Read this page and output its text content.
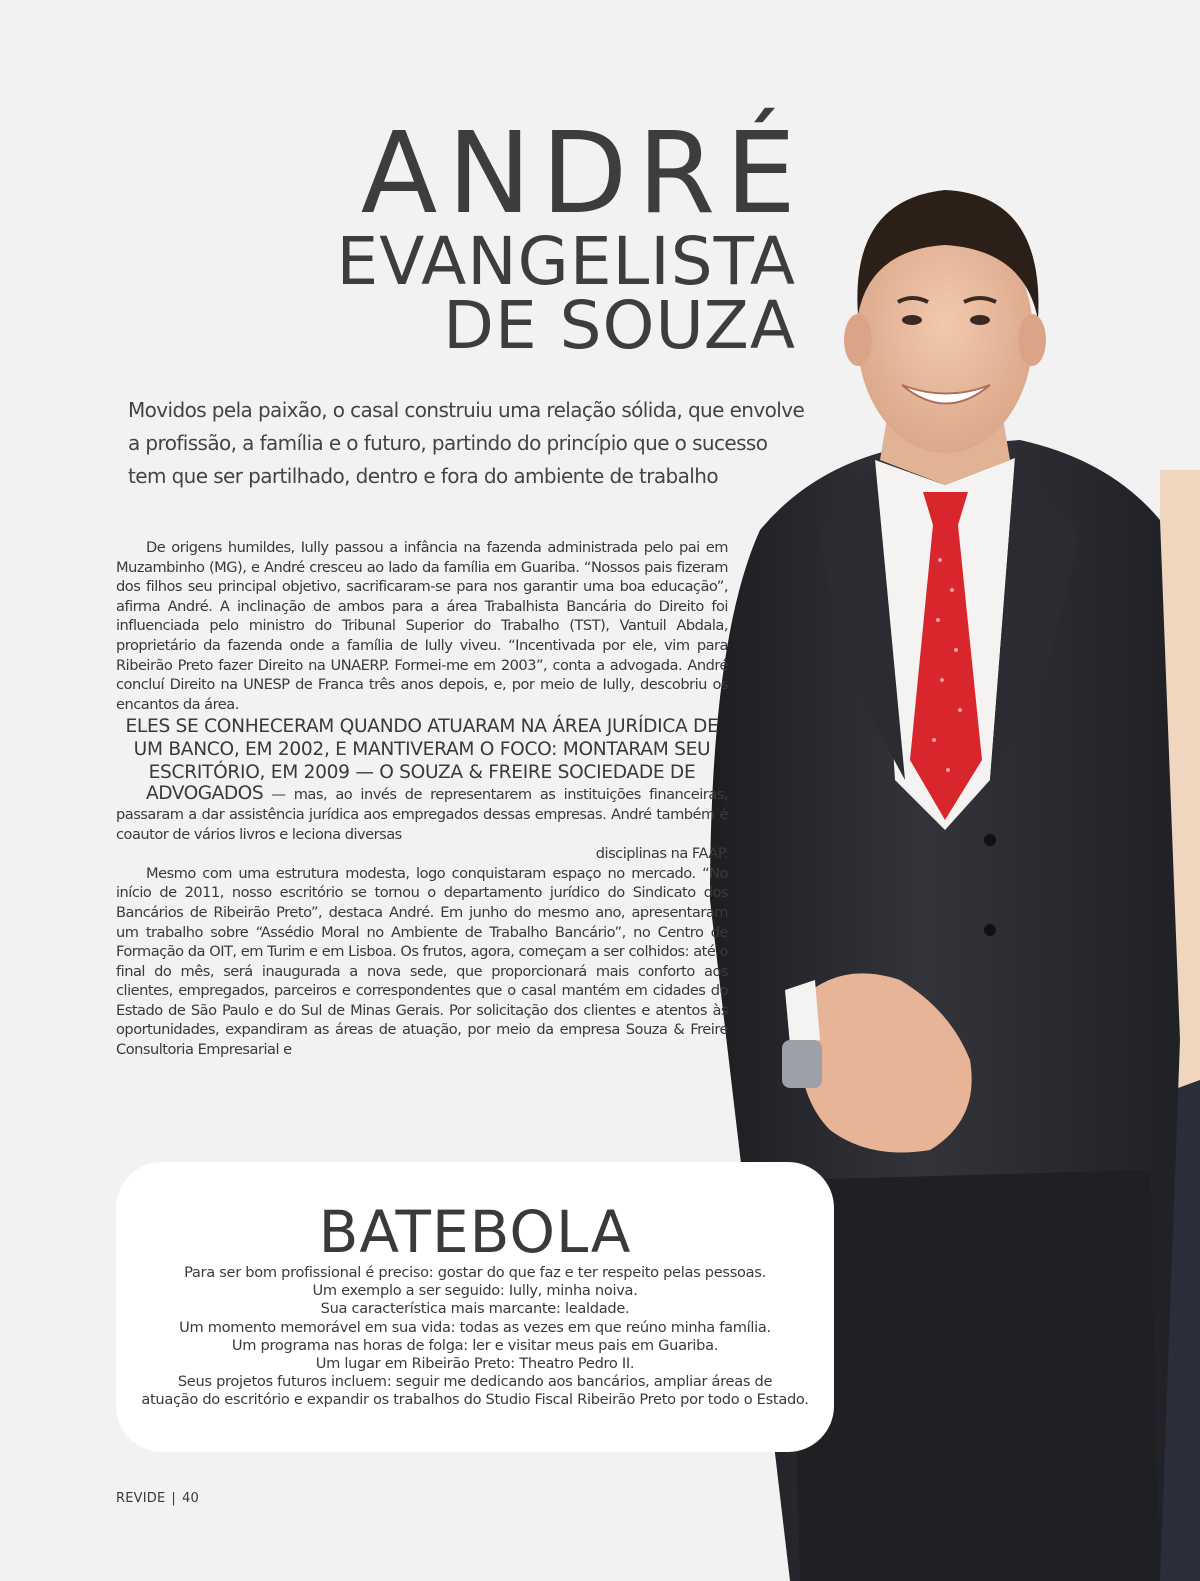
ANDRÉ
EVANGELISTA
DE SOUZA
Movidos pela paixão, o casal construiu uma relação sólida, que envolve
a profissão, a família e o futuro, partindo do princípio que o sucesso
tem que ser partilhado, dentro e fora do ambiente de trabalho

De origens humildes, Iully passou a infância na fazenda administrada pelo pai em Muzambinho (MG), e André cresceu ao lado da família em Guariba. “Nossos pais fizeram dos filhos seu principal objetivo, sacrificaram-se para nos garantir uma boa educação”, afirma André. A inclinação de ambos para a área Trabalhista Bancária do Direito foi influenciada pelo ministro do Tribunal Superior do Trabalho (TST), Vantuil Abdala, proprietário da fazenda onde a família de Iully viveu. “Incentivada por ele, vim para Ribeirão Preto fazer Direito na UNAERP. Formei-me em 2003”, conta a advogada. André concluí Direito na UNESP de Franca três anos depois, e, por meio de Iully, descobriu os encantos da área.

ELES SE CONHECERAM QUANDO ATUARAM NA ÁREA JURÍDICA DE UM BANCO, EM 2002, E MANTIVERAM O FOCO: MONTARAM SEU ESCRITÓRIO, EM 2009 — O SOUZA & FREIRE SOCIEDADE DE

ADVOGADOS — mas, ao invés de representarem as instituições financeiras, passaram a dar assistência jurídica aos empregados dessas empresas. André também é coautor de vários livros e leciona diversas
disciplinas na FAAP.

Mesmo com uma estrutura modesta, logo conquistaram espaço no mercado. “No início de 2011, nosso escritório se tornou o departamento jurídico do Sindicato dos Bancários de Ribeirão Preto”, destaca André. Em junho do mesmo ano, apresentaram um trabalho sobre “Assédio Moral no Ambiente de Trabalho Bancário”, no Centro de Formação da OIT, em Turim e em Lisboa. Os frutos, agora, começam a ser colhidos: até o final do mês, será inaugurada a nova sede, que proporcionará mais conforto aos clientes, empregados, parceiros e correspondentes que o casal mantém em cidades do Estado de São Paulo e do Sul de Minas Gerais. Por solicitação dos clientes e atentos às oportunidades, expandiram as áreas de atuação, por meio da empresa Souza & Freire Consultoria Empresarial e

BATEBOLA
Para ser bom profissional é preciso: gostar do que faz e ter respeito pelas pessoas.
Um exemplo a ser seguido: Iully, minha noiva.
Sua característica mais marcante: lealdade.
Um momento memorável em sua vida: todas as vezes em que reúno minha família.
Um programa nas horas de folga: ler e visitar meus pais em Guariba.
Um lugar em Ribeirão Preto: Theatro Pedro II.
Seus projetos futuros incluem: seguir me dedicando aos bancários, ampliar áreas de
atuação do escritório e expandir os trabalhos do Studio Fiscal Ribeirão Preto por todo o Estado.
REVIDE | 40
